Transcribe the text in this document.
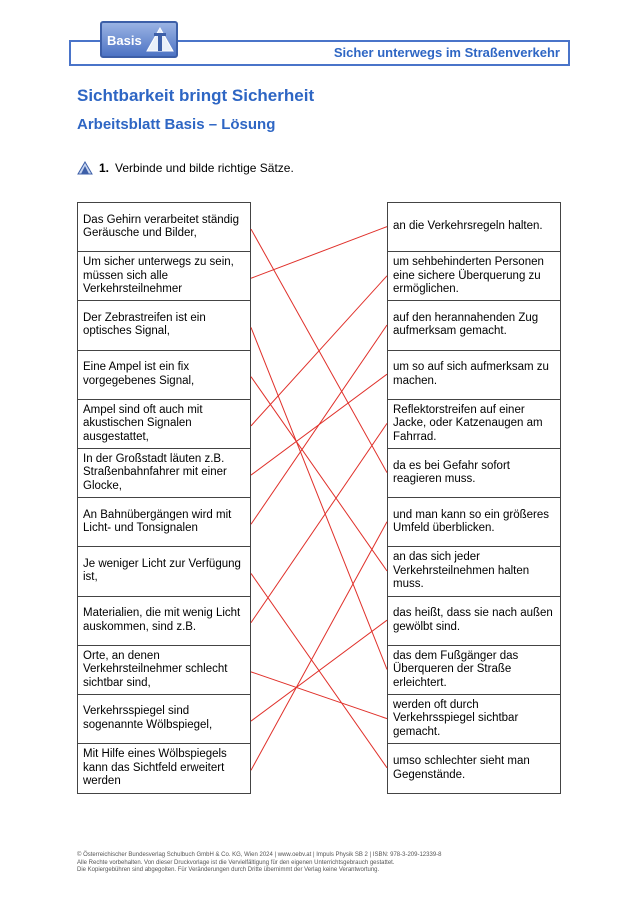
Sicher unterwegs im Straßenverkehr
Basis
Sichtbarkeit bringt Sicherheit
Arbeitsblatt Basis – Lösung
1. Verbinde und bilde richtige Sätze.
Das Gehirn verarbeitet ständig Geräusche und Bilder,
Um sicher unterwegs zu sein, müssen sich alle Verkehrsteilnehmer
Der Zebrastreifen ist ein optisches Signal,
Eine Ampel ist ein fix vorgegebenes Signal,
Ampel sind oft auch mit akustischen Signalen ausgestattet,
In der Großstadt läuten z.B. Straßenbahnfahrer mit einer Glocke,
An Bahnübergängen wird mit Licht- und Tonsignalen
Je weniger Licht zur Verfügung ist,
Materialien, die mit wenig Licht auskommen, sind z.B.
Orte, an denen Verkehrsteilnehmer schlecht sichtbar sind,
Verkehrsspiegel sind sogenannte Wölbspiegel,
Mit Hilfe eines Wölbspiegels kann das Sichtfeld erweitert werden
an die Verkehrsregeln halten.
um sehbehinderten Personen eine sichere Überquerung zu ermöglichen.
auf den herannahenden Zug aufmerksam gemacht.
um so auf sich aufmerksam zu machen.
Reflektorstreifen auf einer Jacke, oder Katzenaugen am Fahrrad.
da es bei Gefahr sofort reagieren muss.
und man kann so ein größeres Umfeld überblicken.
an das sich jeder Verkehrsteilnehmen halten muss.
das heißt, dass sie nach außen gewölbt sind.
das dem Fußgänger das Überqueren der Straße erleichtert.
werden oft durch Verkehrsspiegel sichtbar gemacht.
umso schlechter sieht man Gegenstände.
© Österreichischer Bundesverlag Schulbuch GmbH & Co. KG, Wien 2024 | www.oebv.at | Impuls Physik SB 2 | ISBN: 978-3-209-12339-8
Alle Rechte vorbehalten. Von dieser Druckvorlage ist die Vervielfältigung für den eigenen Unterrichtsgebrauch gestattet.
Die Kopiergebühren sind abgegolten. Für Veränderungen durch Dritte übernimmt der Verlag keine Verantwortung.
